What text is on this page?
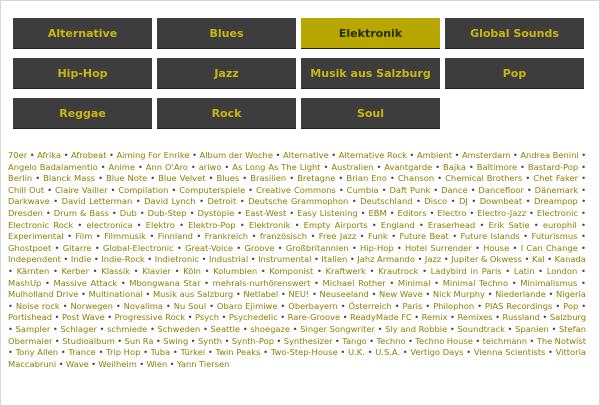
Alternative	Blues	Elektronik	Global Sounds
Hip-Hop	Jazz	Musik aus Salzburg	Pop
Reggae	Rock	Soul
70er • Afrika • Afrobeat • Aiming For Enrike • Album der Woche • Alternative • Alternative Rock • Ambient • Amsterdam • Andrea Benini • Angelo Badalamentio • Anime • Ann O'Aro • ariwo • As Long As The Light • Australien • Avantgarde • Bajka • Baltimore • Bastard-Pop • Berlin • Blanck Mass • Blue Note • Blue Velvet • Blues • Brasilien • Bretagne • Brian Eno • Chanson • Chemical Brothers • Chet Faker • Chill Out • Claire Vailler • Compilation • Computerspiele • Creative Commons • Cumbia • Daft Punk • Dance • Dancefloor • Dänemark • Darkwave • David Letterman • David Lynch • Detroit • Deutsche Grammophon • Deutschland • Disco • DJ • Downbeat • Dreampop • Dresden • Drum & Bass • Dub • Dub-Step • Dystopie • East-West • Easy Listening • EBM • Editors • Electro • Electro-Jazz • Electronic • Electronic Rock • electronica • Elektro • Elektro-Pop • Elektronik • Empty Airports • England • Eraserhead • Erik Satie • europhil • Experimental • Film • Filmmusik • Finnland • Frankreich • französisch • Free Jazz • Funk • Future Beat • Future Islands • Futurismus • Ghostpoet • Gitarre • Global-Electronic • Great-Voice • Groove • Großbritannien • Hip-Hop • Hotel Surrender • House • I Can Change • Independent • Indie • Indie-Rock • Indietronic • Industrial • Instrumental • Italien • Jahz Armando • Jazz • Jupiter & Okwess • Kal • Kanada • Kärnten • Kerber • Klassik • Klavier • Köln • Kolumbien • Komponist • Kraftwerk • Krautrock • Ladybird in Paris • Latin • London • MashUp • Massive Attack • Mbongwana Star • mehrals-nurhörenswert • Michael Rother • Minimal • Minimal Techno • Minimalismus • Mulholland Drive • Multinational • Musik aus Salzburg • Netlabel • NEU! • Neuseeland • New Wave • Nick Murphy • Niederlande • Nigeria • Noise rock • Norwegen • Novalima • Nu Soul • Obaro Ejimiwe • Oberbayern • Österreich • Paris • Philophon • PIAS Recordings • Pop • Portishead • Post Wave • Progressive Rock • Psych • Psychedelic • Rare-Groove • ReadyMade FC • Remix • Remixes • Russland • Salzburg • Sampler • Schlager • schmiede • Schweden • Seattle • shoegaze • Singer Songwriter • Sly and Robbie • Soundtrack • Spanien • Stefan Obermaier • Studioalbum • Sun Ra • Swing • Synth • Synth-Pop • Synthesizer • Tango • Techno • Techno House • teichmann • The Notwist • Tony Allen • Trance • Trip Hop • Tuba • Türkei • Twin Peaks • Two-Step-House • U.K. • U.S.A. • Vertigo Days • Vienna Scientists • Vittoria Maccabruni • Wave • Weilheim • Wien • Yann Tiersen
